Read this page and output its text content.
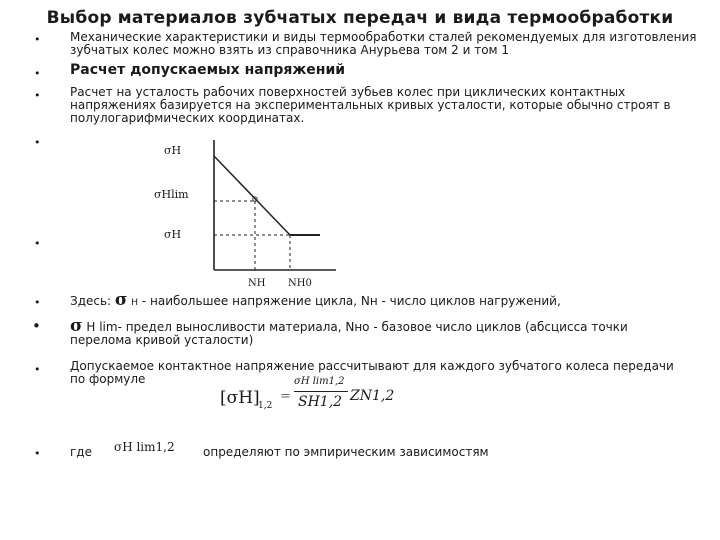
Выбор материалов зубчатых передач и вида термообработки
• Механические характеристики и виды термообработки сталей рекомендуемых для изготовления зубчатых колес можно взять из справочника Анурьева том 2 и том 1
• Расчет допускаемых напряжений
• Расчет на усталость рабочих поверхностей зубьев колес при циклических контактных напряжениях базируется на экспериментальных кривых усталости, которые обычно строят в полулогарифмических координатах.
•
σH
σHlim
σH
NH NH0
•
• Здесь: σ Н - наибольшее напряжение цикла, Nн - число циклов нагружений,
• σ Н lim- предел выносливости материала, Nно - базовое число циклов (абсцисса точки перелома кривой усталости)
• Допускаемое контактное напряжение рассчитывают для каждого зубчатого колеса передачи по формуле
[σH]
1,2
=
σH lim1,2
SH1,2 ZN1,2
• где σH lim1,2 определяют по эмпирическим зависимостям
